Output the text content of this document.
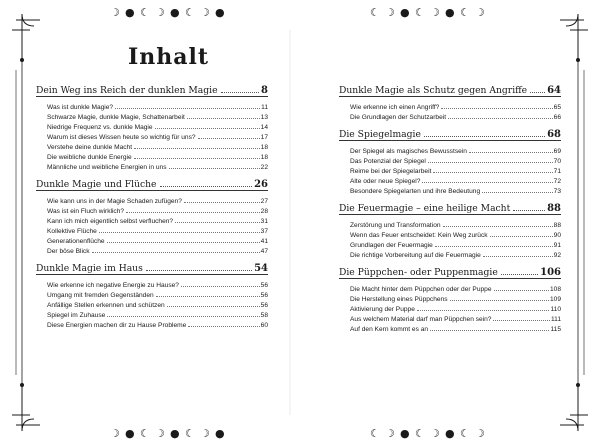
☽ ● ☾ ☽ ● ☾ ☽ ●	☾ ☽ ● ☾ ☽ ● ☾ ☽
☽ ● ☾ ☽ ● ☾ ☽ ●	☾ ☽ ● ☾ ☽ ● ☾ ☽
Inhalt
Dein Weg ins Reich der dunklen Magie	8
Was ist dunkle Magie?	11
Schwarze Magie, dunkle Magie, Schattenarbeit	13
Niedrige Frequenz vs. dunkle Magie	14
Warum ist dieses Wissen heute so wichtig für uns?	17
Verstehe deine dunkle Macht	18
Die weibliche dunkle Energie	18
Männliche und weibliche Energien in uns	22
Dunkle Magie und Flüche	26
Wie kann uns in der Magie Schaden zufügen?	27
Was ist ein Fluch wirklich?	28
Kann ich mich eigentlich selbst verfluchen?	31
Kollektive Flüche	37
Generationenflüche	41
Der böse Blick	47
Dunkle Magie im Haus	54
Wie erkenne ich negative Energie zu Hause?	56
Umgang mit fremden Gegenständen	56
Anfällige Stellen erkennen und schützen	56
Spiegel im Zuhause	58
Diese Energien machen dir zu Hause Probleme	60
Dunkle Magie als Schutz gegen Angriffe 64
Wie erkenne ich einen Angriff?	65
Die Grundlagen der Schutzarbeit	66
Die Spiegelmagie	68
Der Spiegel als magisches Bewusstsein	69
Das Potenzial der Spiegel	70
Reime bei der Spiegelarbeit	71
Alte oder neue Spiegel?	72
Besondere Spiegelarten und ihre Bedeutung	73
Die Feuermagie – eine heilige Macht	88
Zerstörung und Transformation	88
Wenn das Feuer entscheidet: Kein Weg zurück	90
Grundlagen der Feuermagie	91
Die richtige Vorbereitung auf die Feuermagie	92
Die Püppchen- oder Puppenmagie	106
Die Macht hinter dem Püppchen oder der Puppe	108
Die Herstellung eines Püppchens	109
Aktivierung der Puppe	110
Aus welchem Material darf man Püppchen sein?	111
Auf den Kern kommt es an	115
